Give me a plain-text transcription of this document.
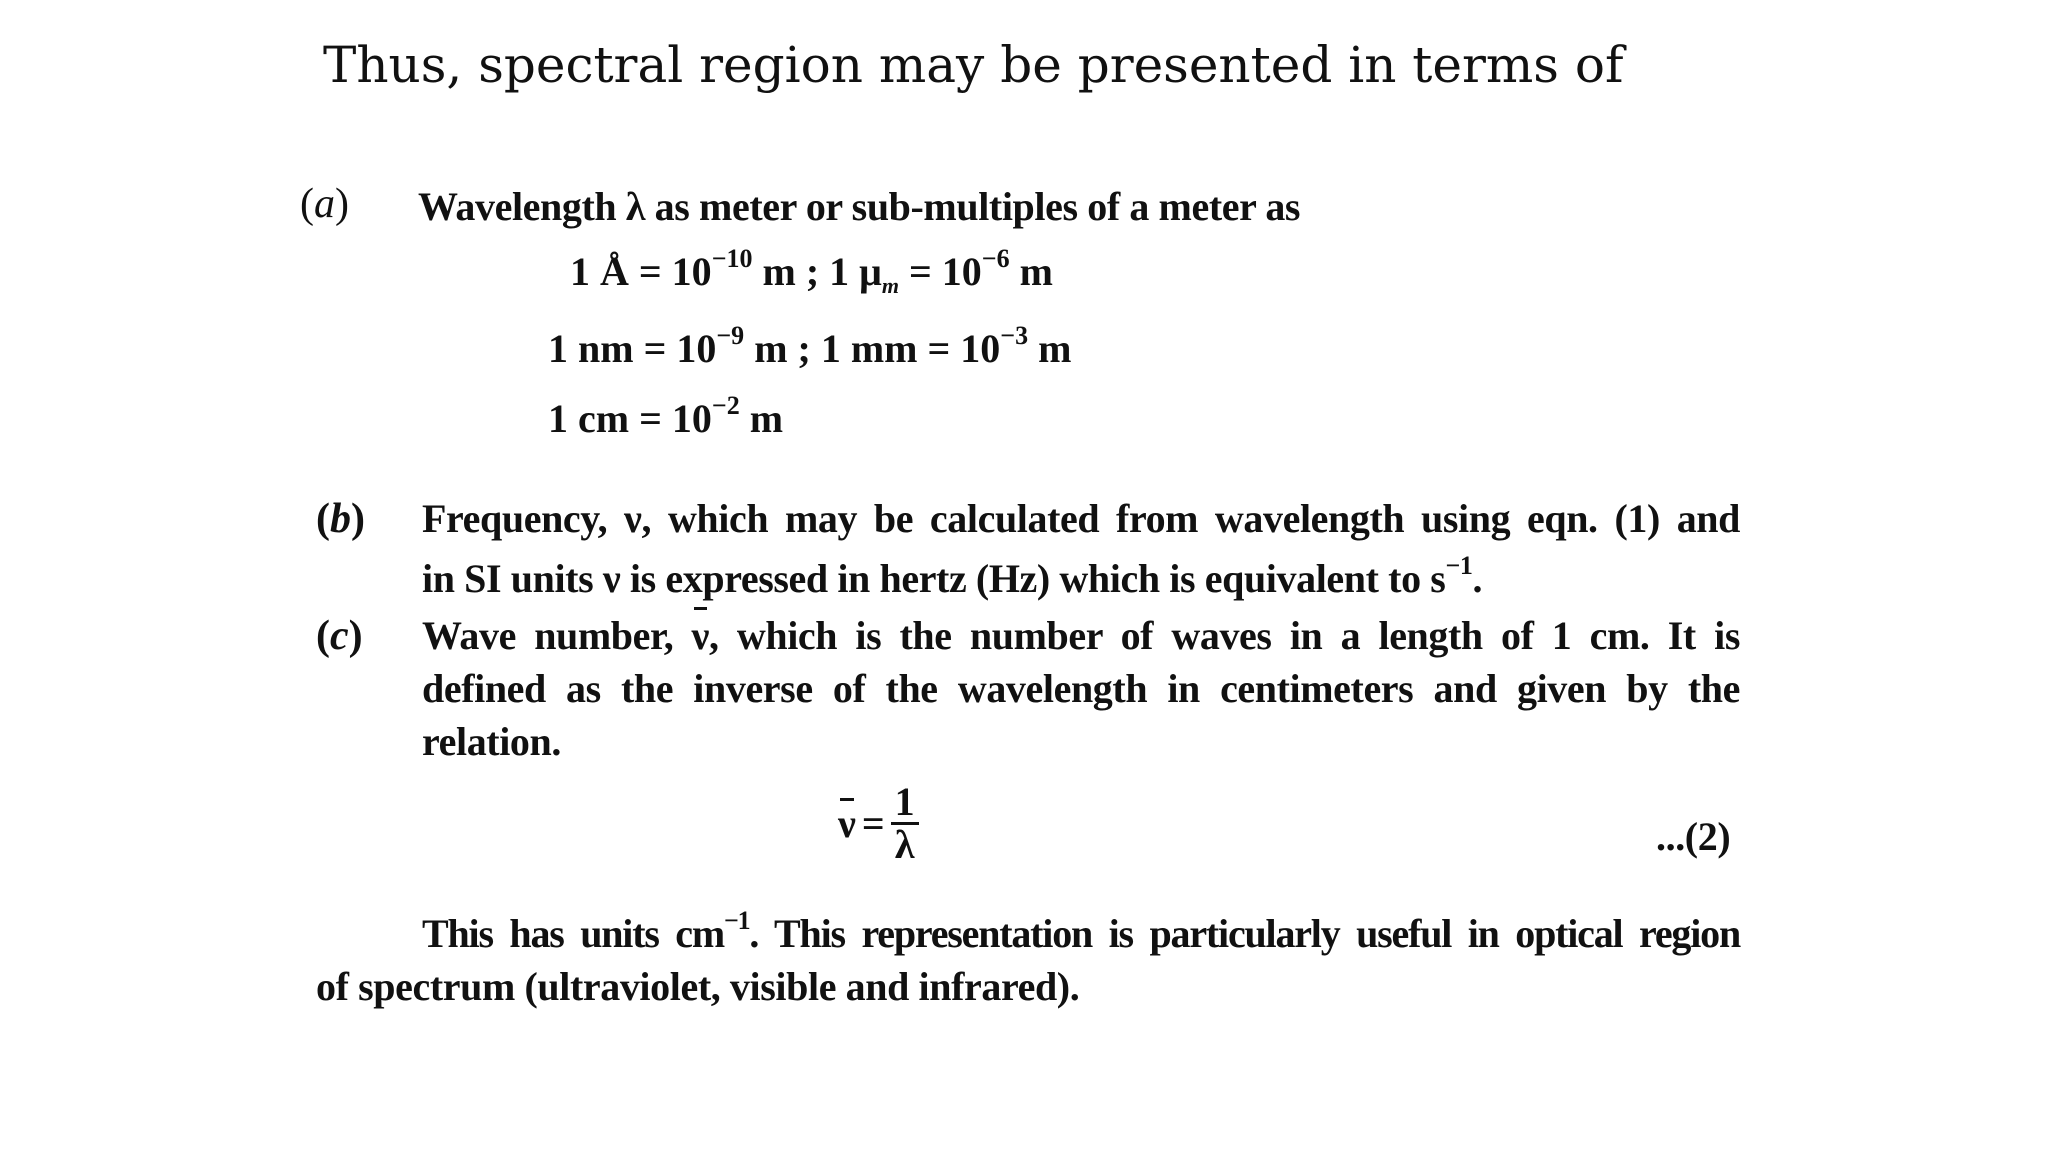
Thus, spectral region may be presented in terms of
(a) Wavelength λ as meter or sub-multiples of a meter as
1 Å = $10^{-10}$ m ; 1 $\mu_m = 10^{-6}$ m
1 nm = $10^{-9}$ m ; 1 mm = $10^{-3}$ m
1 cm = $10^{-2}$ m
(b) Frequency, ν, which may be calculated from wavelength using eqn. (1) and
in SI units ν is expressed in hertz (Hz) which is equivalent to $s^{-1}$.
(c) Wave number, ν, which is the number of waves in a length of 1 cm. It is
defined as the inverse of the wavelength in centimeters and given by the
relation.
$\nu = \frac{1}{\lambda}$	...(2)
This has units $cm^{-1}$. This representation is particularly useful in optical region
of spectrum (ultraviolet, visible and infrared).
